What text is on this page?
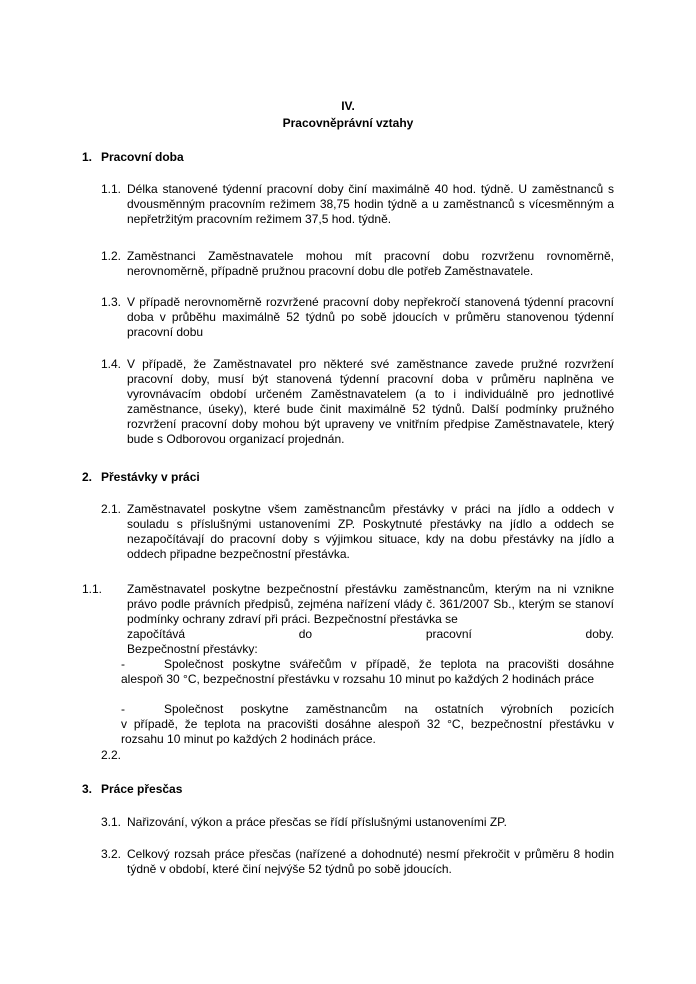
IV.
Pracovněprávní vztahy
1. Pracovní doba
1.1. Délka stanovené týdenní pracovní doby činí maximálně 40 hod. týdně. U zaměstnanců s dvousměnným pracovním režimem 38,75 hodin týdně a u zaměstnanců s vícesměnným a nepřetržitým pracovním režimem 37,5 hod. týdně.
1.2. Zaměstnanci Zaměstnavatele mohou mít pracovní dobu rozvrženu rovnoměrně, nerovnoměrně, případně pružnou pracovní dobu dle potřeb Zaměstnavatele.
1.3. V případě nerovnoměrně rozvržené pracovní doby nepřekročí stanovená týdenní pracovní doba v průběhu maximálně 52 týdnů po sobě jdoucích v průměru stanovenou týdenní pracovní dobu
1.4. V případě, že Zaměstnavatel pro některé své zaměstnance zavede pružné rozvržení pracovní doby, musí být stanovená týdenní pracovní doba v průměru naplněna ve vyrovnávacím období určeném Zaměstnavatelem (a to i individuálně pro jednotlivé zaměstnance, úseky), které bude činit maximálně 52 týdnů. Další podmínky pružného rozvržení pracovní doby mohou být upraveny ve vnitřním předpise Zaměstnavatele, který bude s Odborovou organizací projednán.
2. Přestávky v práci
2.1. Zaměstnavatel poskytne všem zaměstnancům přestávky v práci na jídlo a oddech v souladu s příslušnými ustanoveními ZP. Poskytnuté přestávky na jídlo a oddech se nezapočítávají do pracovní doby s výjimkou situace, kdy na dobu přestávky na jídlo a oddech připadne bezpečnostní přestávka.
1.1. Zaměstnavatel poskytne bezpečnostní přestávku zaměstnancům, kterým na ni vznikne právo podle právních předpisů, zejména nařízení vlády č. 361/2007 Sb., kterým se stanoví podmínky ochrany zdraví při práci. Bezpečnostní přestávka se
započítává	do	pracovní	doby.
Bezpečnostní přestávky:
-	Společnost poskytne svářečům v případě, že teplota na pracovišti dosáhne
alespoň 30 °C, bezpečnostní přestávku v rozsahu 10 minut po každých 2 hodinách práce
-	Společnost poskytne zaměstnancům na ostatních výrobních pozicích
v případě, že teplota na pracovišti dosáhne alespoň 32 °C, bezpečnostní přestávku v rozsahu 10 minut po každých 2 hodinách práce.
2.2.
3. Práce přesčas
3.1. Nařizování, výkon a práce přesčas se řídí příslušnými ustanoveními ZP.
3.2. Celkový rozsah práce přesčas (nařízené a dohodnuté) nesmí překročit v průměru 8 hodin týdně v období, které činí nejvýše 52 týdnů po sobě jdoucích.
